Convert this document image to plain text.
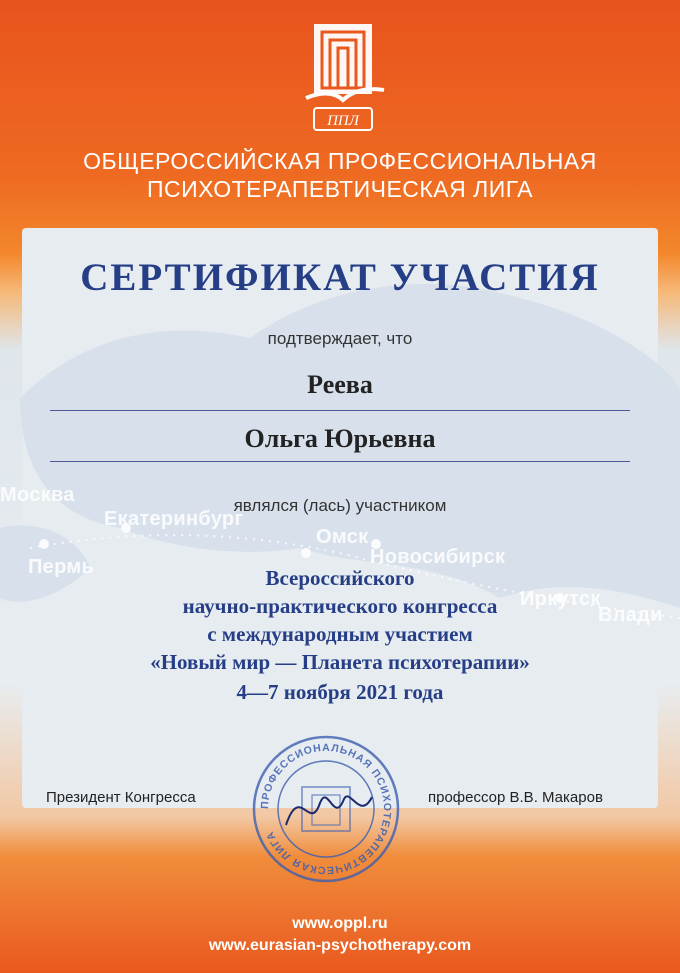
Москва
Екатеринбург
Омск
Новосибирск
Пермь
Иркутск
Влади
ППЛ
ОБЩЕРОССИЙСКАЯ ПРОФЕССИОНАЛЬНАЯ
ПСИХОТЕРАПЕВТИЧЕСКАЯ ЛИГА
СЕРТИФИКАТ УЧАСТИЯ
подтверждает, что
Реева
Ольга Юрьевна
являлся (лась) участником
Всероссийского
научно-практического конгресса
с международным участием
«Новый мир — Планета психотерапии»
4—7 ноября 2021 года
Президент Конгресса	профессор В.В. Макаров
ПРОФЕССИОНАЛЬНАЯ ПСИХОТЕРАПЕВТИЧЕСКАЯ ЛИГА
www.oppl.ru
www.eurasian-psychotherapy.com
